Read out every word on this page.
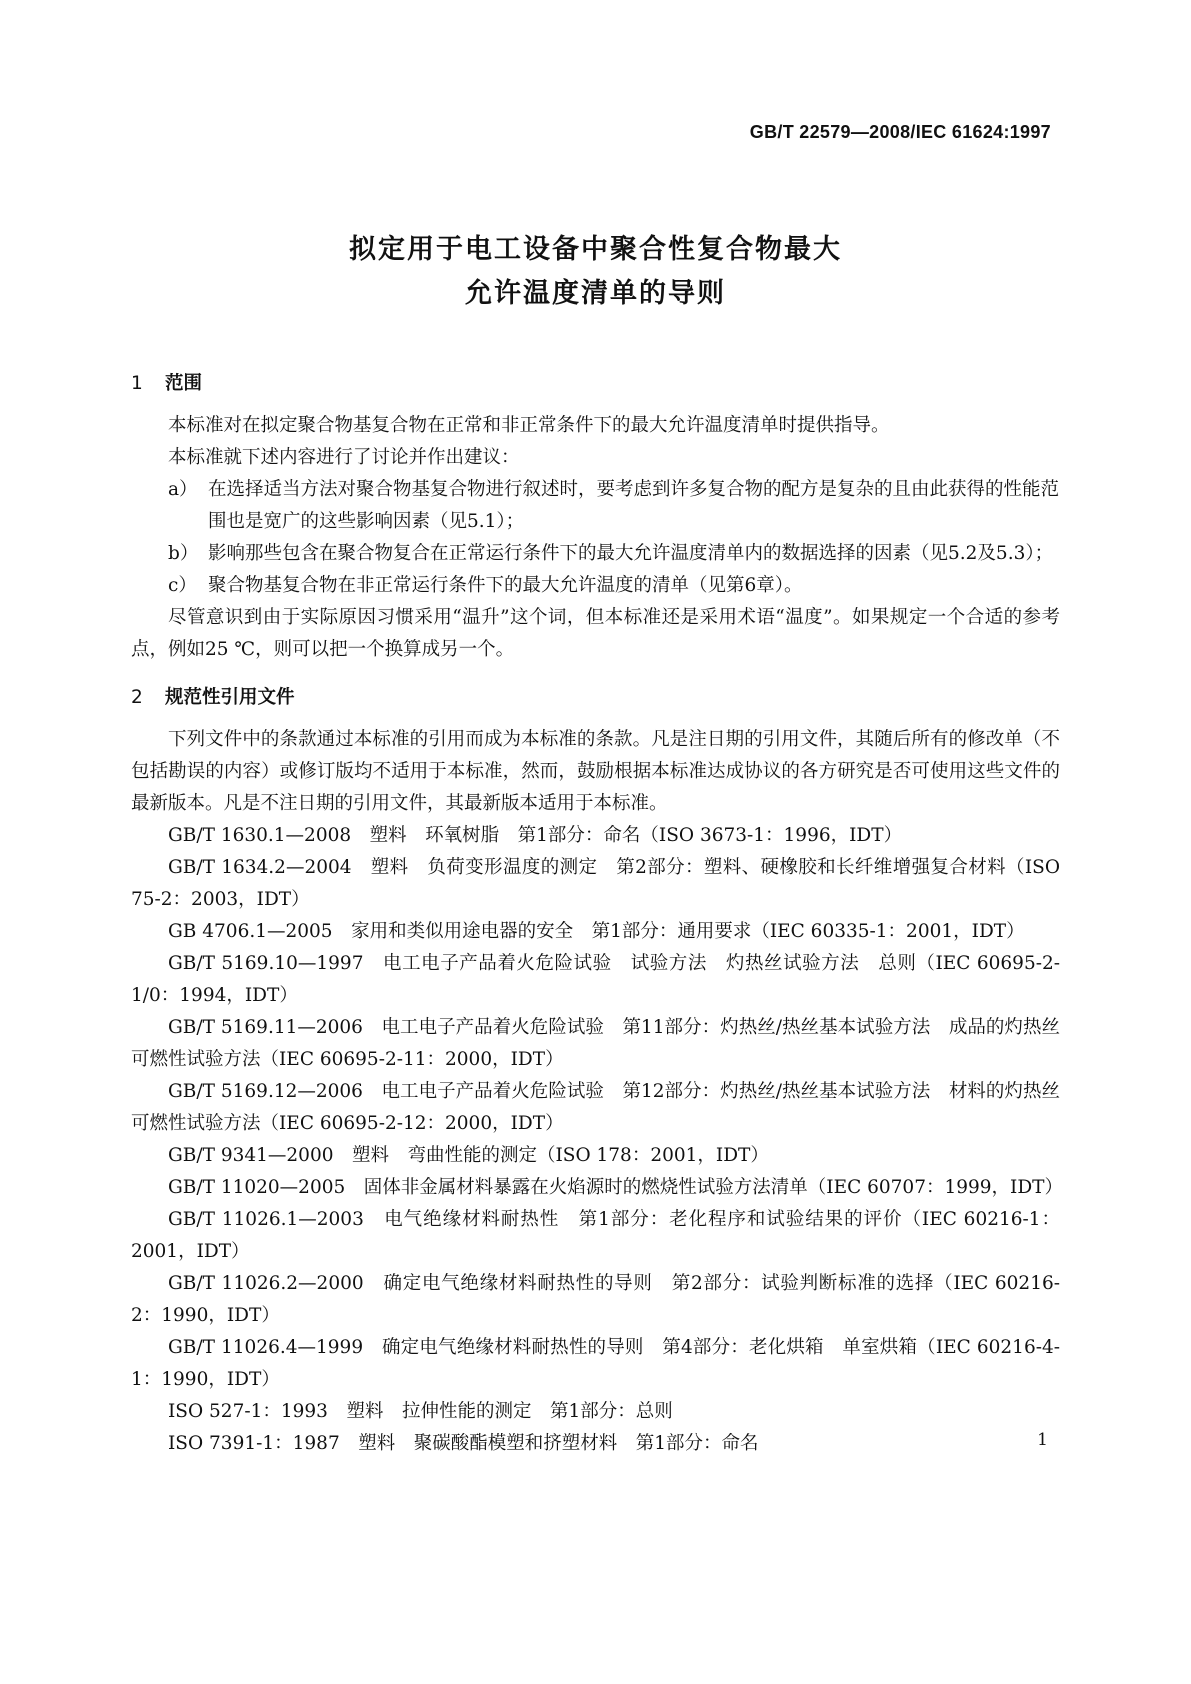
GB/T 22579—2008/IEC 61624:1997
拟定用于电工设备中聚合性复合物最大
允许温度清单的导则
1 范围
本标准对在拟定聚合物基复合物在正常和非正常条件下的最大允许温度清单时提供指导。
本标准就下述内容进行了讨论并作出建议：
a） 在选择适当方法对聚合物基复合物进行叙述时，要考虑到许多复合物的配方是复杂的且由此获得的性能范围也是宽广的这些影响因素（见5.1）；
b） 影响那些包含在聚合物复合在正常运行条件下的最大允许温度清单内的数据选择的因素（见5.2及5.3）；
c） 聚合物基复合物在非正常运行条件下的最大允许温度的清单（见第6章）。
尽管意识到由于实际原因习惯采用“温升”这个词，但本标准还是采用术语“温度”。如果规定一个合适的参考点，例如25 ℃，则可以把一个换算成另一个。
2 规范性引用文件
下列文件中的条款通过本标准的引用而成为本标准的条款。凡是注日期的引用文件，其随后所有的修改单（不包括勘误的内容）或修订版均不适用于本标准，然而，鼓励根据本标准达成协议的各方研究是否可使用这些文件的最新版本。凡是不注日期的引用文件，其最新版本适用于本标准。
GB/T 1630.1—2008　塑料　环氧树脂　第1部分：命名（ISO 3673-1：1996，IDT）
GB/T 1634.2—2004　塑料　负荷变形温度的测定　第2部分：塑料、硬橡胶和长纤维增强复合材料（ISO 75-2：2003，IDT）
GB 4706.1—2005　家用和类似用途电器的安全　第1部分：通用要求（IEC 60335-1：2001，IDT）
GB/T 5169.10—1997　电工电子产品着火危险试验　试验方法　灼热丝试验方法　总则（IEC 60695-2-1/0：1994，IDT）
GB/T 5169.11—2006　电工电子产品着火危险试验　第11部分：灼热丝/热丝基本试验方法　成品的灼热丝可燃性试验方法（IEC 60695-2-11：2000，IDT）
GB/T 5169.12—2006　电工电子产品着火危险试验　第12部分：灼热丝/热丝基本试验方法　材料的灼热丝可燃性试验方法（IEC 60695-2-12：2000，IDT）
GB/T 9341—2000　塑料　弯曲性能的测定（ISO 178：2001，IDT）
GB/T 11020—2005　固体非金属材料暴露在火焰源时的燃烧性试验方法清单（IEC 60707：1999，IDT）
GB/T 11026.1—2003　电气绝缘材料耐热性　第1部分：老化程序和试验结果的评价（IEC 60216-1：2001，IDT）
GB/T 11026.2—2000　确定电气绝缘材料耐热性的导则　第2部分：试验判断标准的选择（IEC 60216-2：1990，IDT）
GB/T 11026.4—1999　确定电气绝缘材料耐热性的导则　第4部分：老化烘箱　单室烘箱（IEC 60216-4-1：1990，IDT）
ISO 527-1：1993　塑料　拉伸性能的测定　第1部分：总则
ISO 7391-1：1987　塑料　聚碳酸酯模塑和挤塑材料　第1部分：命名	1
